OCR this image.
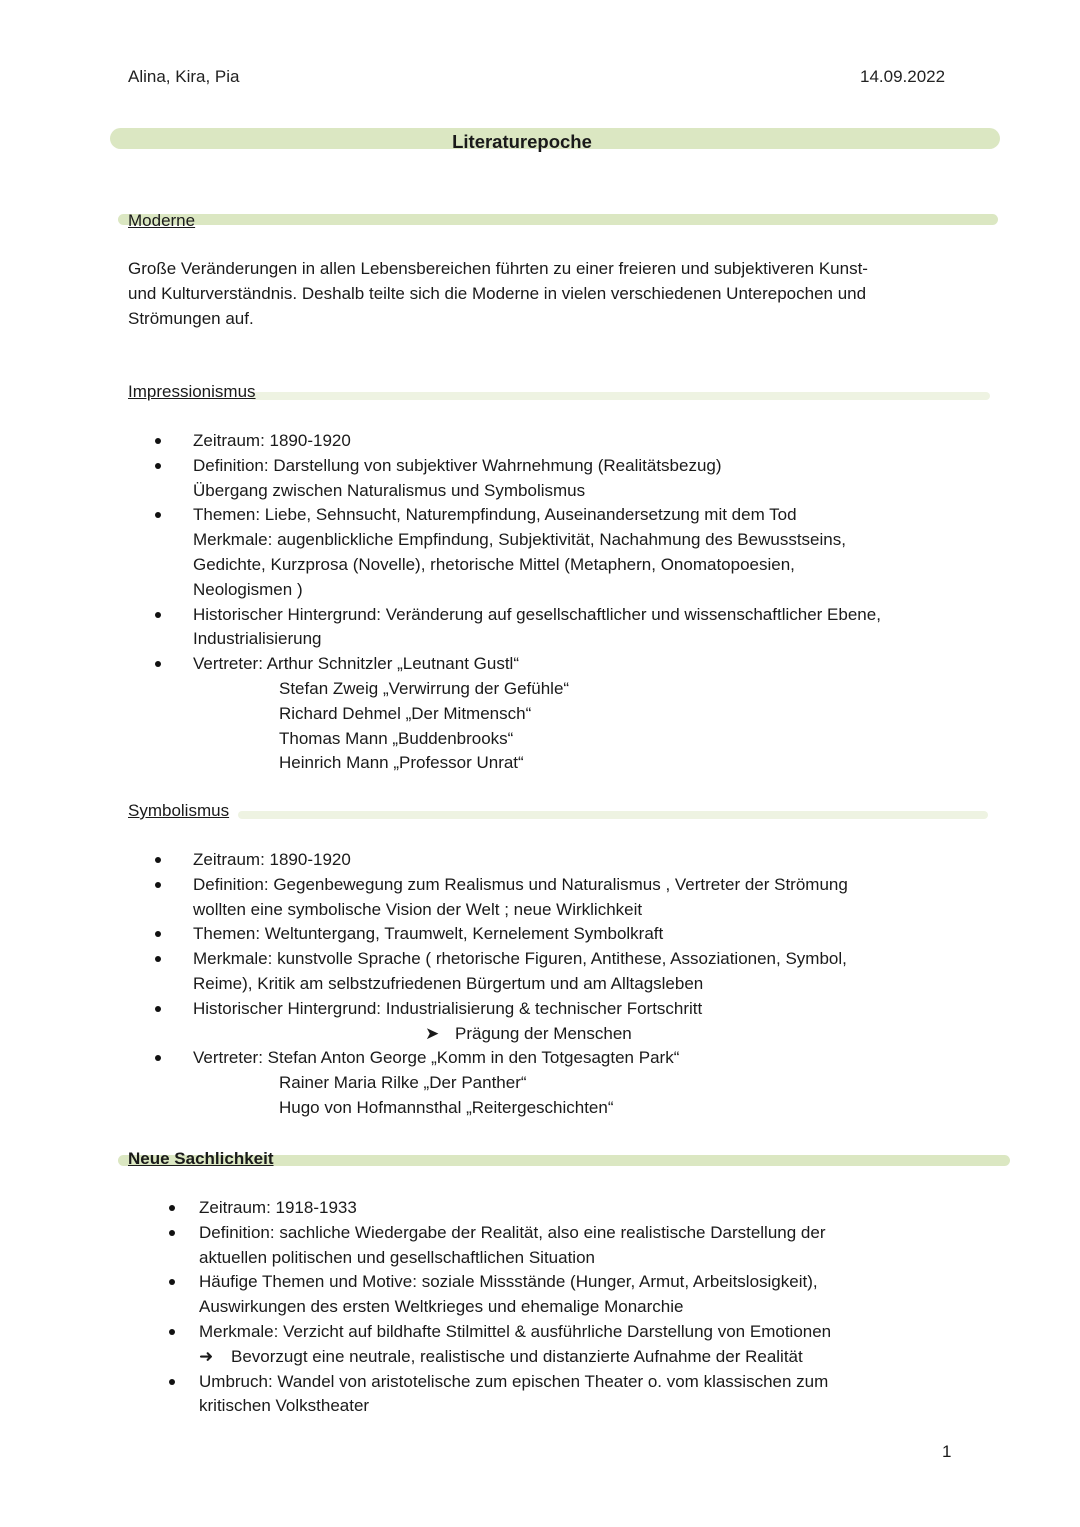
Alina, Kira, Pia	14.09.2022
Literaturepoche
Moderne
Große Veränderungen in allen Lebensbereichen führten zu einer freieren und subjektiveren Kunst-
und Kulturverständnis. Deshalb teilte sich die Moderne in vielen verschiedenen Unterepochen und
Strömungen auf.
Impressionismus
Zeitraum: 1890-1920
Definition: Darstellung von subjektiver Wahrnehmung (Realitätsbezug)
Übergang zwischen Naturalismus und Symbolismus
Themen: Liebe, Sehnsucht, Naturempfindung, Auseinandersetzung mit dem Tod
Merkmale: augenblickliche Empfindung, Subjektivität, Nachahmung des Bewusstseins,
Gedichte, Kurzprosa (Novelle), rhetorische Mittel (Metaphern, Onomatopoesien,
Neologismen )
Historischer Hintergrund: Veränderung auf gesellschaftlicher und wissenschaftlicher Ebene,
Industrialisierung
Vertreter: Arthur Schnitzler „Leutnant Gustl“
Stefan Zweig „Verwirrung der Gefühle“
Richard Dehmel „Der Mitmensch“
Thomas Mann „Buddenbrooks“
Heinrich Mann „Professor Unrat“
Symbolismus
Zeitraum: 1890-1920
Definition: Gegenbewegung zum Realismus und Naturalismus , Vertreter der Strömung
wollten eine symbolische Vision der Welt ; neue Wirklichkeit
Themen: Weltuntergang, Traumwelt, Kernelement Symbolkraft
Merkmale: kunstvolle Sprache ( rhetorische Figuren, Antithese, Assoziationen, Symbol,
Reime), Kritik am selbstzufriedenen Bürgertum und am Alltagsleben
Historischer Hintergrund: Industrialisierung & technischer Fortschritt
➤ Prägung der Menschen
Vertreter: Stefan Anton George „Komm in den Totgesagten Park“
Rainer Maria Rilke „Der Panther“
Hugo von Hofmannsthal „Reitergeschichten“
Neue Sachlichkeit
Zeitraum: 1918-1933
Definition: sachliche Wiedergabe der Realität, also eine realistische Darstellung der
aktuellen politischen und gesellschaftlichen Situation
Häufige Themen und Motive: soziale Missstände (Hunger, Armut, Arbeitslosigkeit),
Auswirkungen des ersten Weltkrieges und ehemalige Monarchie
Merkmale: Verzicht auf bildhafte Stilmittel & ausführliche Darstellung von Emotionen
➜ Bevorzugt eine neutrale, realistische und distanzierte Aufnahme der Realität
Umbruch: Wandel von aristotelische zum epischen Theater o. vom klassischen zum
kritischen Volkstheater
1
